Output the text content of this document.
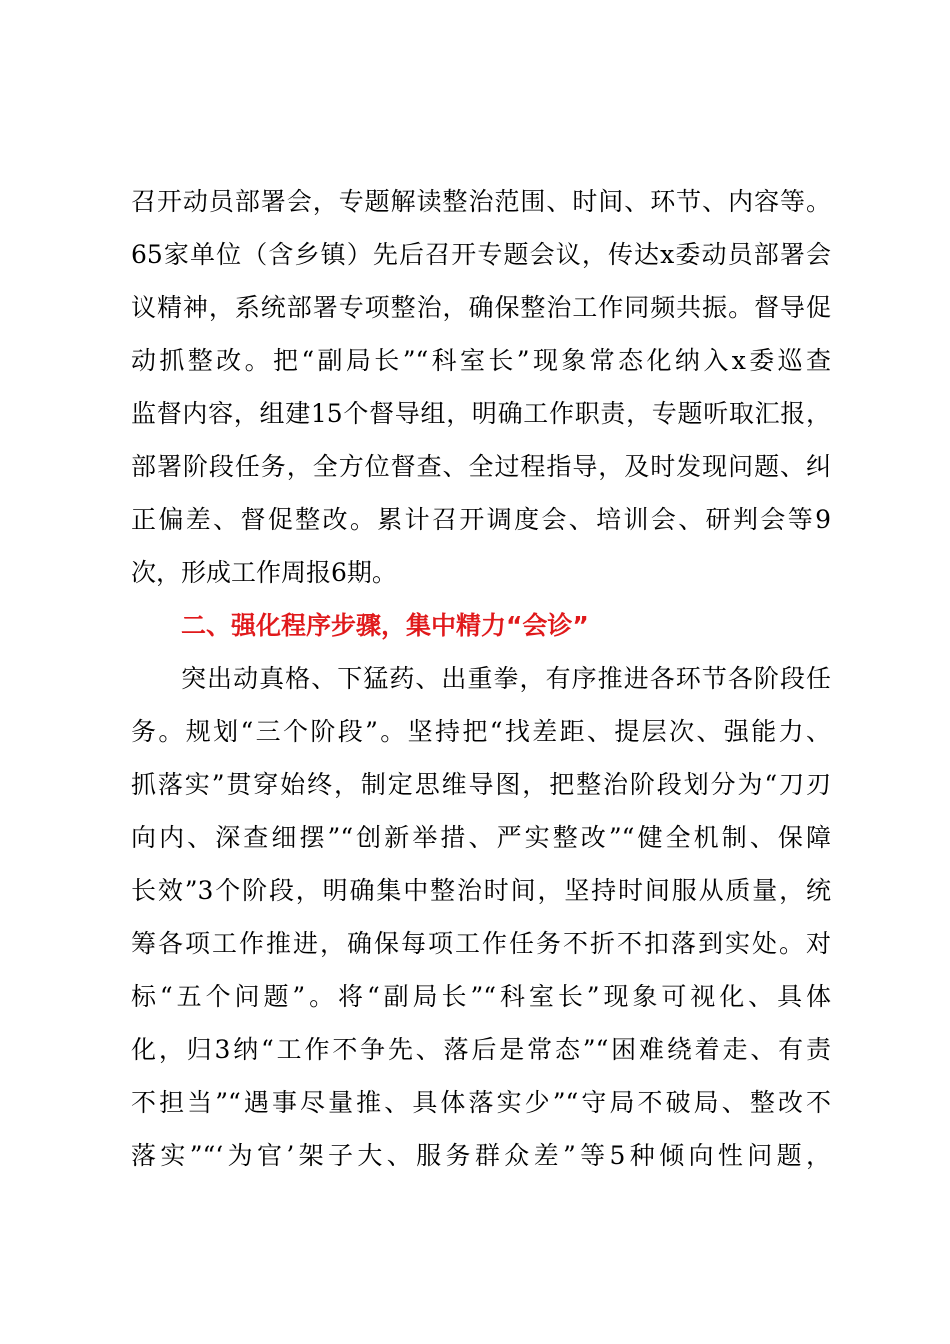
召开动员部署会，专题解读整治范围、时间、环节、内容等。
65家单位（含乡镇）先后召开专题会议，传达x委动员部署会
议精神，系统部署专项整治，确保整治工作同频共振。督导促
动抓整改。把“副局长”“科室长”现象常态化纳入x委巡查
监督内容，组建15个督导组，明确工作职责，专题听取汇报，
部署阶段任务，全方位督查、全过程指导，及时发现问题、纠
正偏差、督促整改。累计召开调度会、培训会、研判会等9
次，形成工作周报6期。
二、强化程序步骤，集中精力“会诊”
突出动真格、下猛药、出重拳，有序推进各环节各阶段任
务。规划“三个阶段”。坚持把“找差距、提层次、强能力、
抓落实”贯穿始终，制定思维导图，把整治阶段划分为“刀刃
向内、深查细摆”“创新举措、严实整改”“健全机制、保障
长效”3个阶段，明确集中整治时间，坚持时间服从质量，统
筹各项工作推进，确保每项工作任务不折不扣落到实处。对
标“五个问题”。将“副局长”“科室长”现象可视化、具体
化，归3纳“工作不争先、落后是常态”“困难绕着走、有责
不担当”“遇事尽量推、具体落实少”“守局不破局、整改不
落实”“‘为官’架子大、服务群众差”等5种倾向性问题，
